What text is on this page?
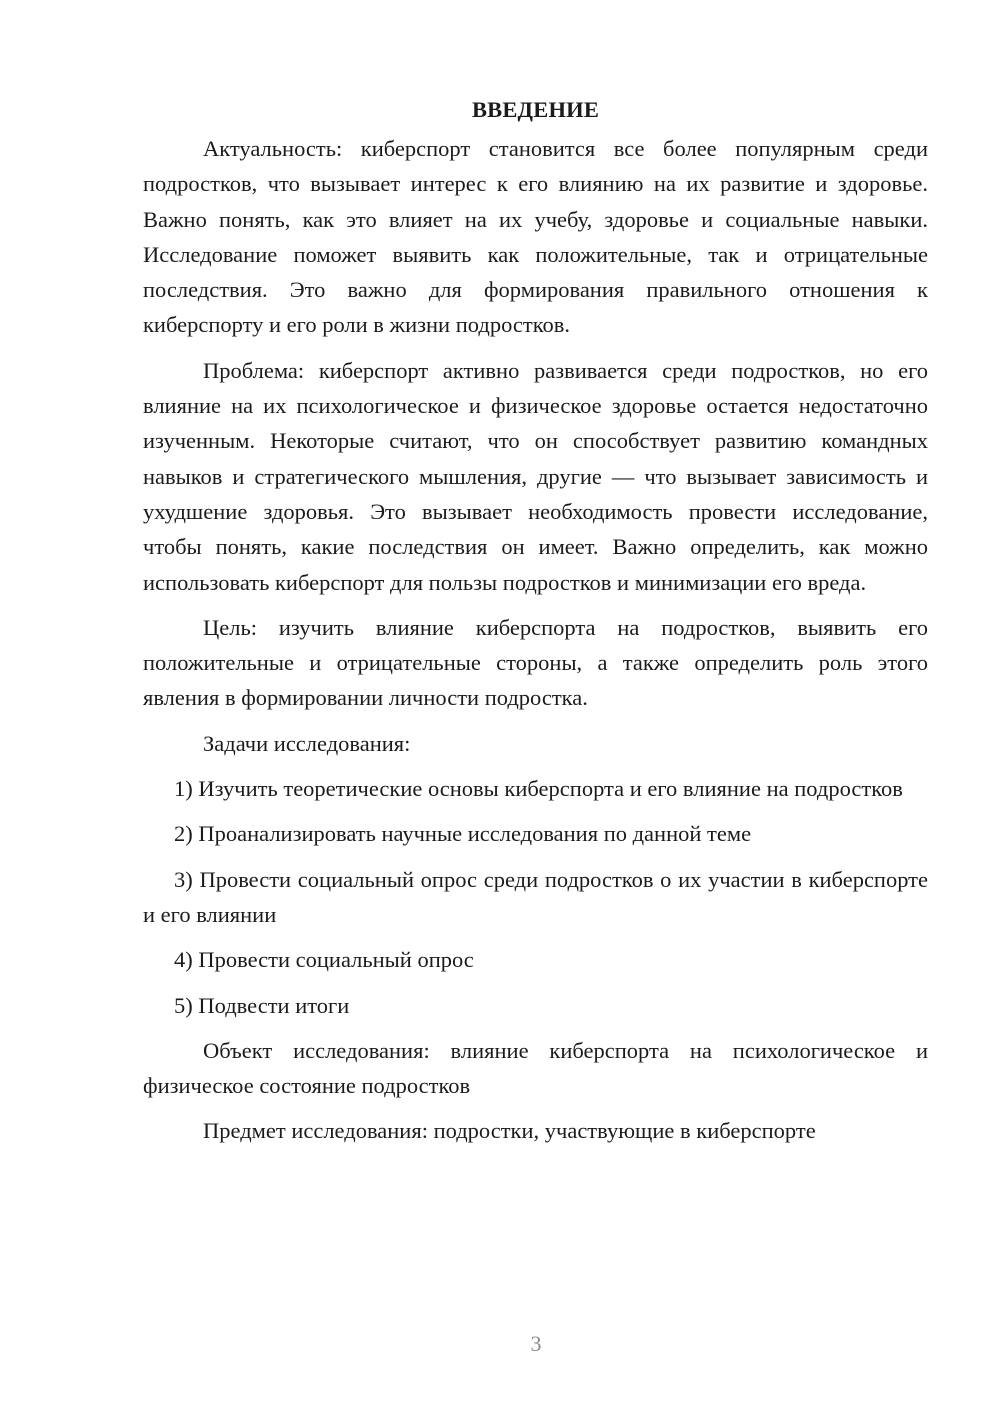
ВВЕДЕНИЕ

Актуальность: киберспорт становится все более популярным среди подростков, что вызывает интерес к его влиянию на их развитие и здоровье. Важно понять, как это влияет на их учебу, здоровье и социальные навыки. Исследование поможет выявить как положительные, так и отрицательные последствия. Это важно для формирования правильного отношения к киберспорту и его роли в жизни подростков.

Проблема: киберспорт активно развивается среди подростков, но его влияние на их психологическое и физическое здоровье остается недостаточно изученным. Некоторые считают, что он способствует развитию командных навыков и стратегического мышления, другие — что вызывает зависимость и ухудшение здоровья. Это вызывает необходимость провести исследование, чтобы понять, какие последствия он имеет. Важно определить, как можно использовать киберспорт для пользы подростков и минимизации его вреда.

Цель: изучить влияние киберспорта на подростков, выявить его положительные и отрицательные стороны, а также определить роль этого явления в формировании личности подростка.

Задачи исследования:

1) Изучить теоретические основы киберспорта и его влияние на подростков

2) Проанализировать научные исследования по данной теме

3) Провести социальный опрос среди подростков о их участии в киберспорте и его влиянии

4) Провести социальный опрос

5) Подвести итоги

Объект исследования: влияние киберспорта на психологическое и физическое состояние подростков

Предмет исследования: подростки, участвующие в киберспорте

3
